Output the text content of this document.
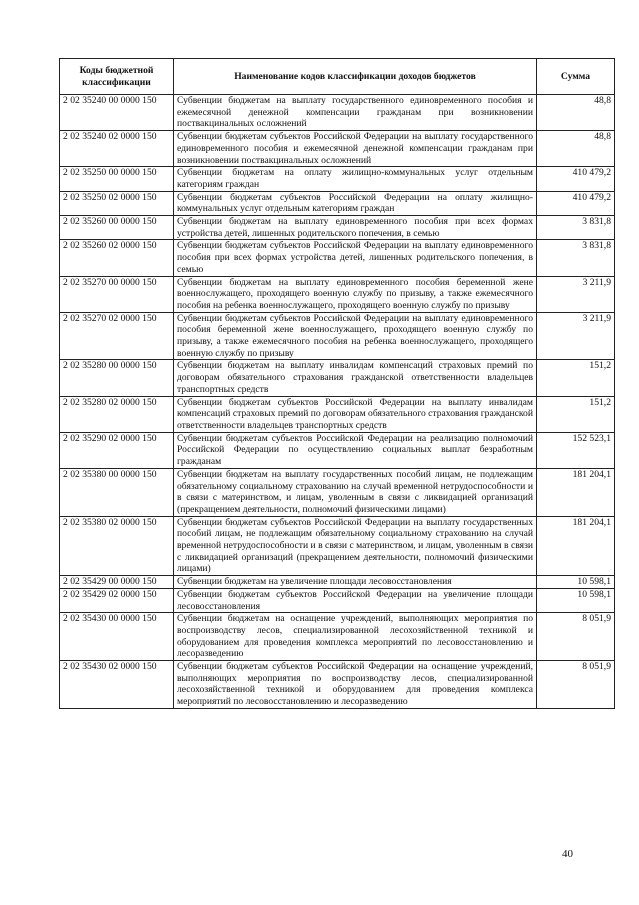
Коды бюджетной классификации	Наименование кодов классификации доходов бюджетов	Сумма
2 02 35240 00 0000 150	Субвенции бюджетам на выплату государственного единовременного пособия и ежемесячной денежной компенсации гражданам при возникновении поствакцинальных осложнений	48,8
2 02 35240 02 0000 150	Субвенции бюджетам субъектов Российской Федерации на выплату государственного единовременного пособия и ежемесячной денежной компенсации гражданам при возникновении поствакцинальных осложнений	48,8
2 02 35250 00 0000 150	Субвенции бюджетам на оплату жилищно-коммунальных услуг отдельным категориям граждан	410 479,2
2 02 35250 02 0000 150	Субвенции бюджетам субъектов Российской Федерации на оплату жилищно-коммунальных услуг отдельным категориям граждан	410 479,2
2 02 35260 00 0000 150	Субвенции бюджетам на выплату единовременного пособия при всех формах устройства детей, лишенных родительского попечения, в семью	3 831,8
2 02 35260 02 0000 150	Субвенции бюджетам субъектов Российской Федерации на выплату единовременного пособия при всех формах устройства детей, лишенных родительского попечения, в семью	3 831,8
2 02 35270 00 0000 150	Субвенции бюджетам на выплату единовременного пособия беременной жене военнослужащего, проходящего военную службу по призыву, а также ежемесячного пособия на ребенка военнослужащего, проходящего военную службу по призыву	3 211,9
2 02 35270 02 0000 150	Субвенции бюджетам субъектов Российской Федерации на выплату единовременного пособия беременной жене военнослужащего, проходящего военную службу по призыву, а также ежемесячного пособия на ребенка военнослужащего, проходящего военную службу по призыву	3 211,9
2 02 35280 00 0000 150	Субвенции бюджетам на выплату инвалидам компенсаций страховых премий по договорам обязательного страхования гражданской ответственности владельцев транспортных средств	151,2
2 02 35280 02 0000 150	Субвенции бюджетам субъектов Российской Федерации на выплату инвалидам компенсаций страховых премий по договорам обязательного страхования гражданской ответственности владельцев транспортных средств	151,2
2 02 35290 02 0000 150	Субвенции бюджетам субъектов Российской Федерации на реализацию полномочий Российской Федерации по осуществлению социальных выплат безработным гражданам	152 523,1
2 02 35380 00 0000 150	Субвенции бюджетам на выплату государственных пособий лицам, не подлежащим обязательному социальному страхованию на случай временной нетрудоспособности и в связи с материнством, и лицам, уволенным в связи с ликвидацией организаций (прекращением деятельности, полномочий физическими лицами)	181 204,1
2 02 35380 02 0000 150	Субвенции бюджетам субъектов Российской Федерации на выплату государственных пособий лицам, не подлежащим обязательному социальному страхованию на случай временной нетрудоспособности и в связи с материнством, и лицам, уволенным в связи с ликвидацией организаций (прекращением деятельности, полномочий физическими лицами)	181 204,1
2 02 35429 00 0000 150	Субвенции бюджетам на увеличение площади лесовосстановления	10 598,1
2 02 35429 02 0000 150	Субвенции бюджетам субъектов Российской Федерации на увеличение площади лесовосстановления	10 598,1
2 02 35430 00 0000 150	Субвенции бюджетам на оснащение учреждений, выполняющих мероприятия по воспроизводству лесов, специализированной лесохозяйственной техникой и оборудованием для проведения комплекса мероприятий по лесовосстановлению и лесоразведению	8 051,9
2 02 35430 02 0000 150	Субвенции бюджетам субъектов Российской Федерации на оснащение учреждений, выполняющих мероприятия по воспроизводству лесов, специализированной лесохозяйственной техникой и оборудованием для проведения комплекса мероприятий по лесовосстановлению и лесоразведению	8 051,9
40
